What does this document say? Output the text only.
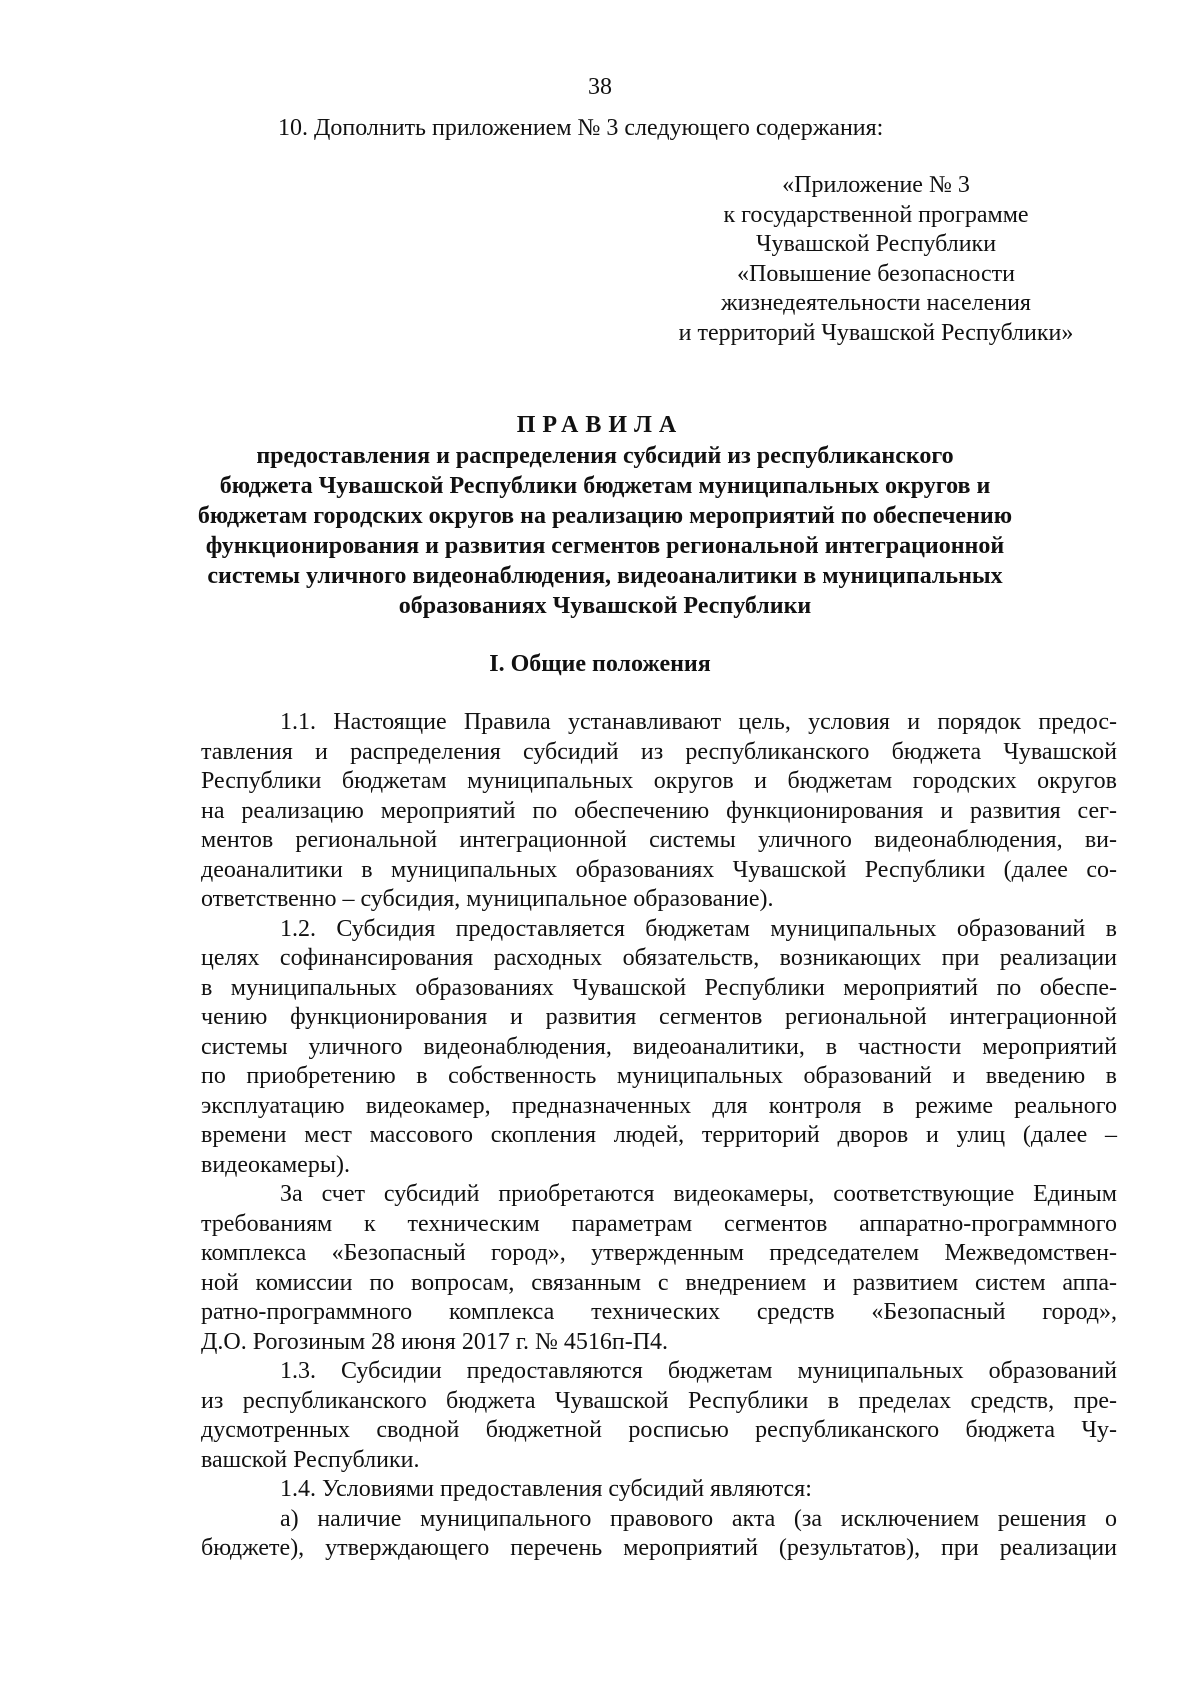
38
10. Дополнить приложением № 3 следующего содержания:
«Приложение № 3
к государственной программе
Чувашской Республики
«Повышение безопасности
жизнедеятельности населения
и территорий Чувашской Республики»
ПРАВИЛА
предоставления и распределения субсидий из республиканского
бюджета Чувашской Республики бюджетам муниципальных округов и
бюджетам городских округов на реализацию мероприятий по обеспечению
функционирования и развития сегментов региональной интеграционной
системы уличного видеонаблюдения, видеоаналитики в муниципальных
образованиях Чувашской Республики
I. Общие положения
1.1. Настоящие Правила устанавливают цель, условия и порядок предос-
тавления и распределения субсидий из республиканского бюджета Чувашской
Республики бюджетам муниципальных округов и бюджетам городских округов
на реализацию мероприятий по обеспечению функционирования и развития сег-
ментов региональной интеграционной системы уличного видеонаблюдения, ви-
деоаналитики в муниципальных образованиях Чувашской Республики (далее со-
ответственно – субсидия, муниципальное образование).
1.2. Субсидия предоставляется бюджетам муниципальных образований в
целях софинансирования расходных обязательств, возникающих при реализации
в муниципальных образованиях Чувашской Республики мероприятий по обеспе-
чению функционирования и развития сегментов региональной интеграционной
системы уличного видеонаблюдения, видеоаналитики, в частности мероприятий
по приобретению в собственность муниципальных образований и введению в
эксплуатацию видеокамер, предназначенных для контроля в режиме реального
времени мест массового скопления людей, территорий дворов и улиц (далее –
видеокамеры).
За счет субсидий приобретаются видеокамеры, соответствующие Единым
требованиям к техническим параметрам сегментов аппаратно-программного
комплекса «Безопасный город», утвержденным председателем Межведомствен-
ной комиссии по вопросам, связанным с внедрением и развитием систем аппа-
ратно-программного комплекса технических средств «Безопасный город»,
Д.О. Рогозиным 28 июня 2017 г. № 4516п-П4.
1.3. Субсидии предоставляются бюджетам муниципальных образований
из республиканского бюджета Чувашской Республики в пределах средств, пре-
дусмотренных сводной бюджетной росписью республиканского бюджета Чу-
вашской Республики.
1.4. Условиями предоставления субсидий являются:
а) наличие муниципального правового акта (за исключением решения о
бюджете), утверждающего перечень мероприятий (результатов), при реализации
